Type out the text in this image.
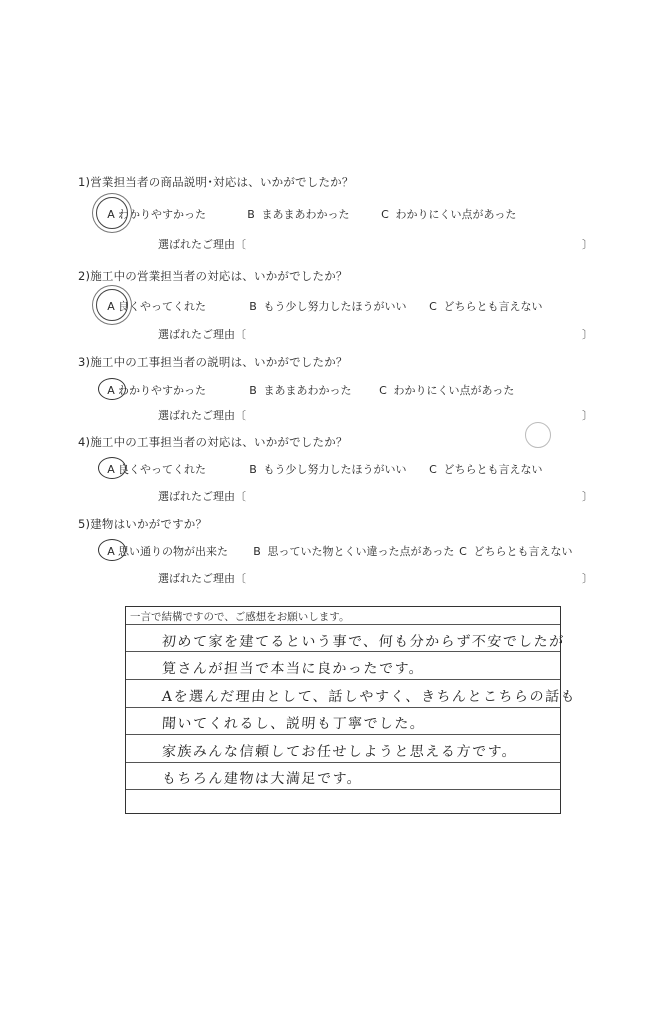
1)営業担当者の商品説明･対応は、いかがでしたか？
A わかりやすかった	B まあまあわかった	C わかりにくい点があった
選ばれたご理由〔	〕
2)施工中の営業担当者の対応は、いかがでしたか？
A 良くやってくれた	B もう少し努力したほうがいい C どちらとも言えない
選ばれたご理由〔	〕
3)施工中の工事担当者の説明は、いかがでしたか？
A わかりやすかった	B まあまあわかった	C わかりにくい点があった
選ばれたご理由〔	〕
4)施工中の工事担当者の対応は、いかがでしたか？
A 良くやってくれた	B もう少し努力したほうがいい C どちらとも言えない
選ばれたご理由〔	〕
5)建物はいかがですか？
A 思い通りの物が出来た B 思っていた物とくい違った点があった C どちらとも言えない
選ばれたご理由〔	〕
一言で結構ですので、ご感想をお願いします。
初めて家を建てるという事で、何も分からず不安でしたが
筧さんが担当で本当に良かったです。
Aを選んだ理由として、話しやすく、きちんとこちらの話も
聞いてくれるし、説明も丁寧でした。
家族みんな信頼してお任せしようと思える方です。
もちろん建物は大満足です。
